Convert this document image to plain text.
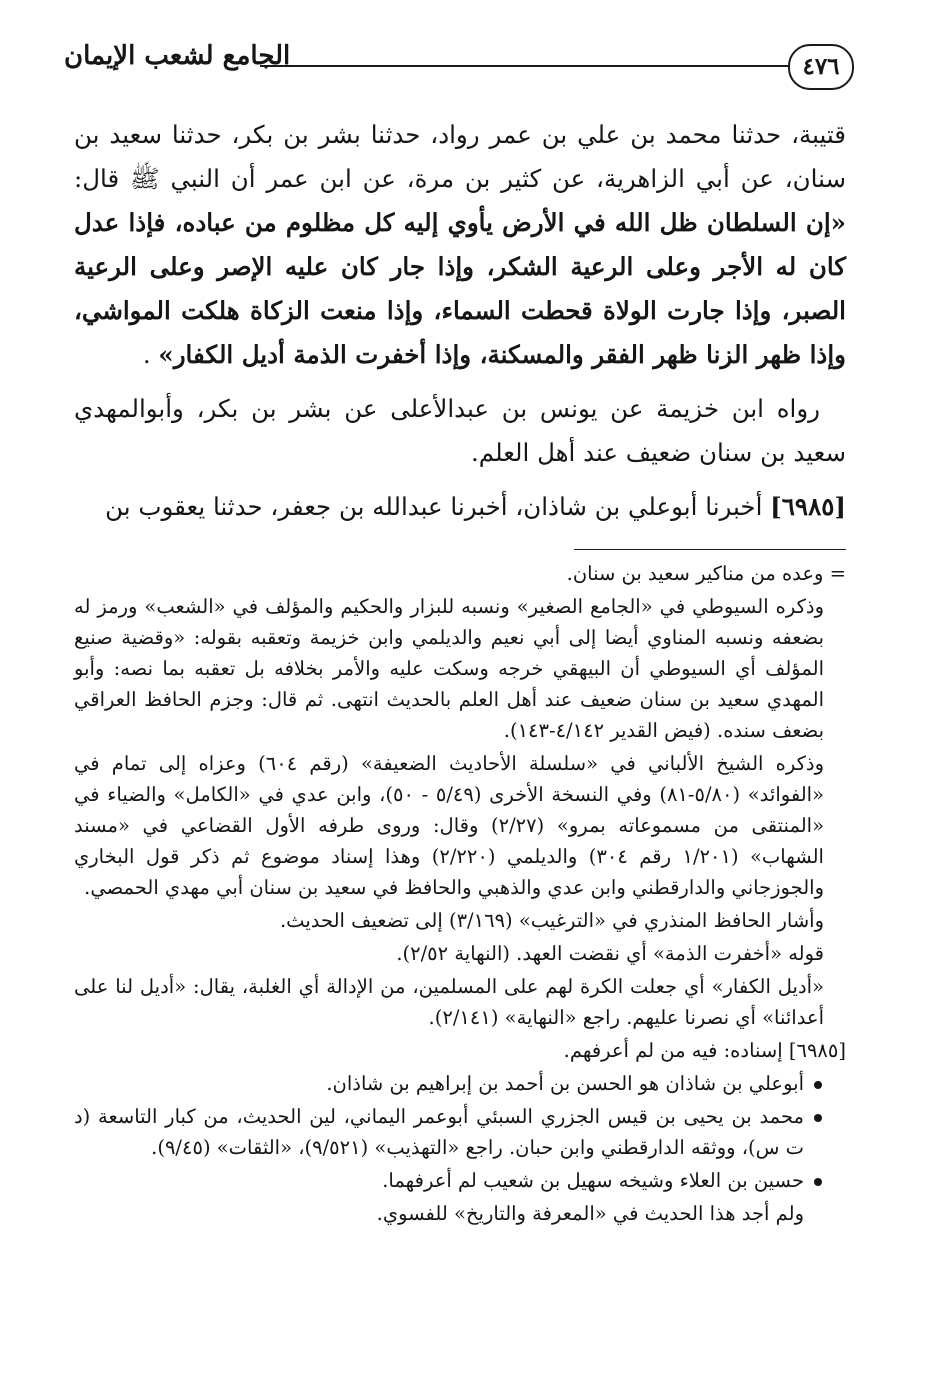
٤٧٦
الجامع لشعب الإيمان

قتيبة، حدثنا محمد بن علي بن عمر رواد، حدثنا بشر بن بكر، حدثنا سعيد بن سنان، عن أبي الزاهرية، عن كثير بن مرة، عن ابن عمر أن النبي ﷺ قال: «إن السلطان ظل الله في الأرض يأوي إليه كل مظلوم من عباده، فإذا عدل كان له الأجر وعلى الرعية الشكر، وإذا جار كان عليه الإصر وعلى الرعية الصبر، وإذا جارت الولاة قحطت السماء، وإذا منعت الزكاة هلكت المواشي، وإذا ظهر الزنا ظهر الفقر والمسكنة، وإذا أخفرت الذمة أديل الكفار» .

رواه ابن خزيمة عن يونس بن عبدالأعلى عن بشر بن بكر، وأبوالمهدي سعيد بن سنان ضعيف عند أهل العلم.

[٦٩٨٥] أخبرنا أبوعلي بن شاذان، أخبرنا عبدالله بن جعفر، حدثنا يعقوب بن

= وعده من مناكير سعيد بن سنان.

وذكره السيوطي في «الجامع الصغير» ونسبه للبزار والحكيم والمؤلف في «الشعب» ورمز له بضعفه ونسبه المناوي أيضا إلى أبي نعيم والديلمي وابن خزيمة وتعقبه بقوله: «وقضية صنيع المؤلف أي السيوطي أن البيهقي خرجه وسكت عليه والأمر بخلافه بل تعقبه بما نصه: وأبو المهدي سعيد بن سنان ضعيف عند أهل العلم بالحديث انتهى. ثم قال: وجزم الحافظ العراقي بضعف سنده. (فيض القدير ٤/١٤٢-١٤٣).

وذكره الشيخ الألباني في «سلسلة الأحاديث الضعيفة» (رقم ٦٠٤) وعزاه إلى تمام في «الفوائد» (٥/٨٠-٨١) وفي النسخة الأخرى (٥/٤٩ - ٥٠)، وابن عدي في «الكامل» والضياء في «المنتقى من مسموعاته بمرو» (٢/٢٧) وقال: وروى طرفه الأول القضاعي في «مسند الشهاب» (١/٢٠١ رقم ٣٠٤) والديلمي (٢/٢٢٠) وهذا إسناد موضوع ثم ذكر قول البخاري والجوزجاني والدارقطني وابن عدي والذهبي والحافظ في سعيد بن سنان أبي مهدي الحمصي.

وأشار الحافظ المنذري في «الترغيب» (٣/١٦٩) إلى تضعيف الحديث.

قوله «أخفرت الذمة» أي نقضت العهد. (النهاية ٢/٥٢).

«أديل الكفار» أي جعلت الكرة لهم على المسلمين، من الإدالة أي الغلبة، يقال: «أديل لنا على أعدائنا» أي نصرنا عليهم. راجع «النهاية» (٢/١٤١).

[٦٩٨٥] إسناده: فيه من لم أعرفهم.

أبوعلي بن شاذان هو الحسن بن أحمد بن إبراهيم بن شاذان.
محمد بن يحيى بن قيس الجزري السبئي أبوعمر اليماني، لين الحديث، من كبار التاسعة (د ت س)، ووثقه الدارقطني وابن حبان. راجع «التهذيب» (٩/٥٢١)، «الثقات» (٩/٤٥).
حسين بن العلاء وشيخه سهيل بن شعيب لم أعرفهما.

ولم أجد هذا الحديث في «المعرفة والتاريخ» للفسوي.
